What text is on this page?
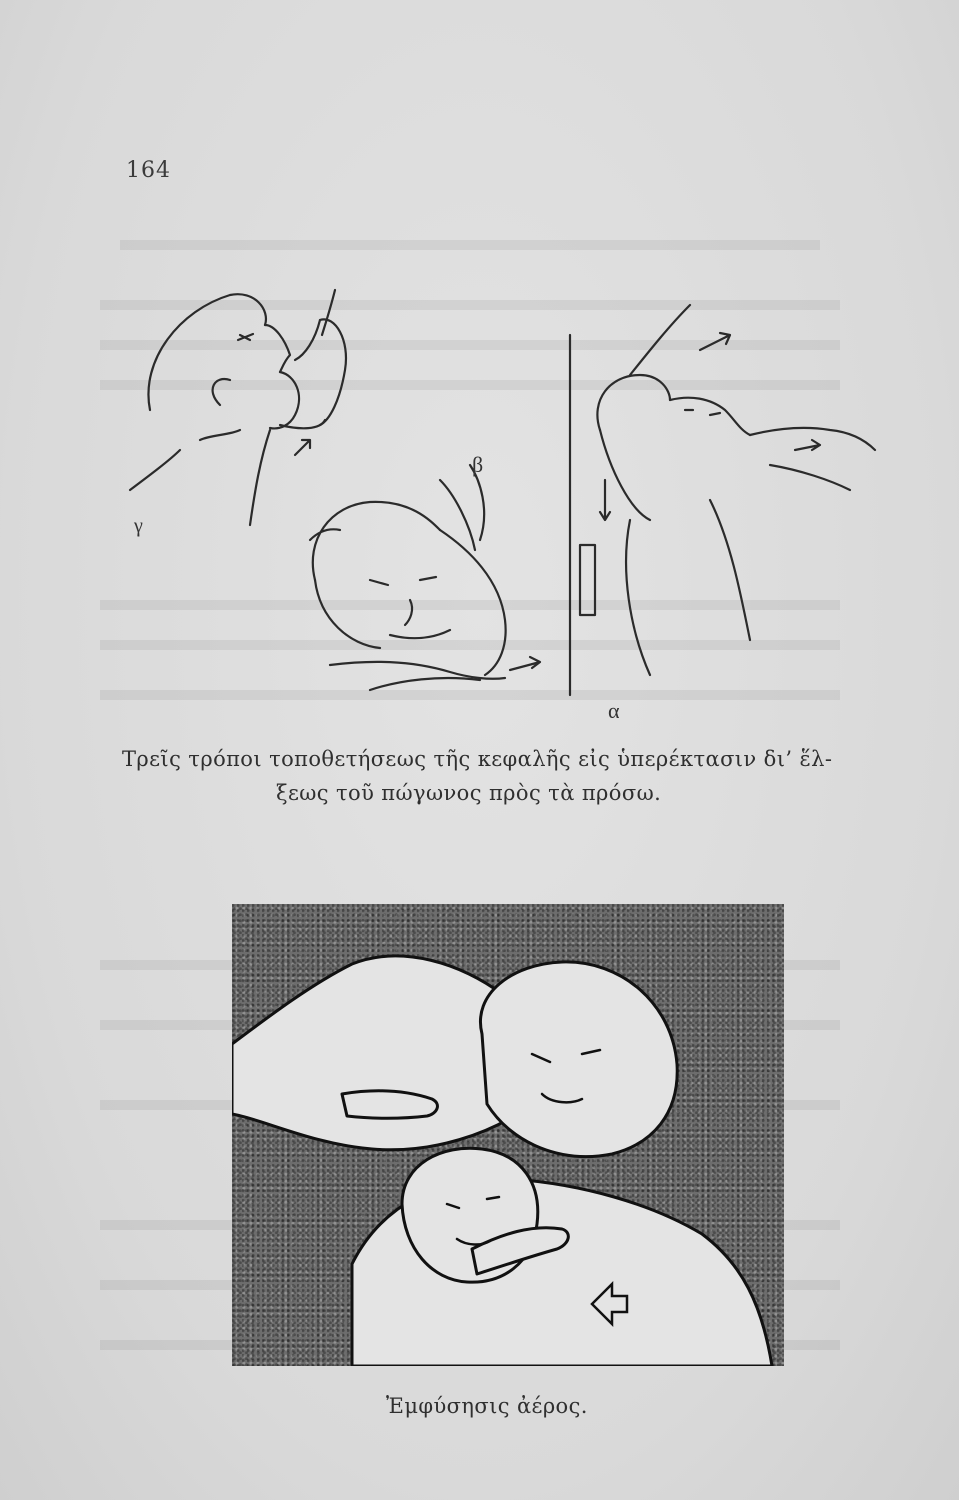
164
γ
β
α
Τρεῖς τρόποι τοποθετήσεως τῆς κεφαλῆς εἰς ὑπερέκτασιν δι’ ἕλ-
ξεως τοῦ πώγωνος πρὸς τὰ πρόσω.
Ἐμφύσησις ἀέρος.
